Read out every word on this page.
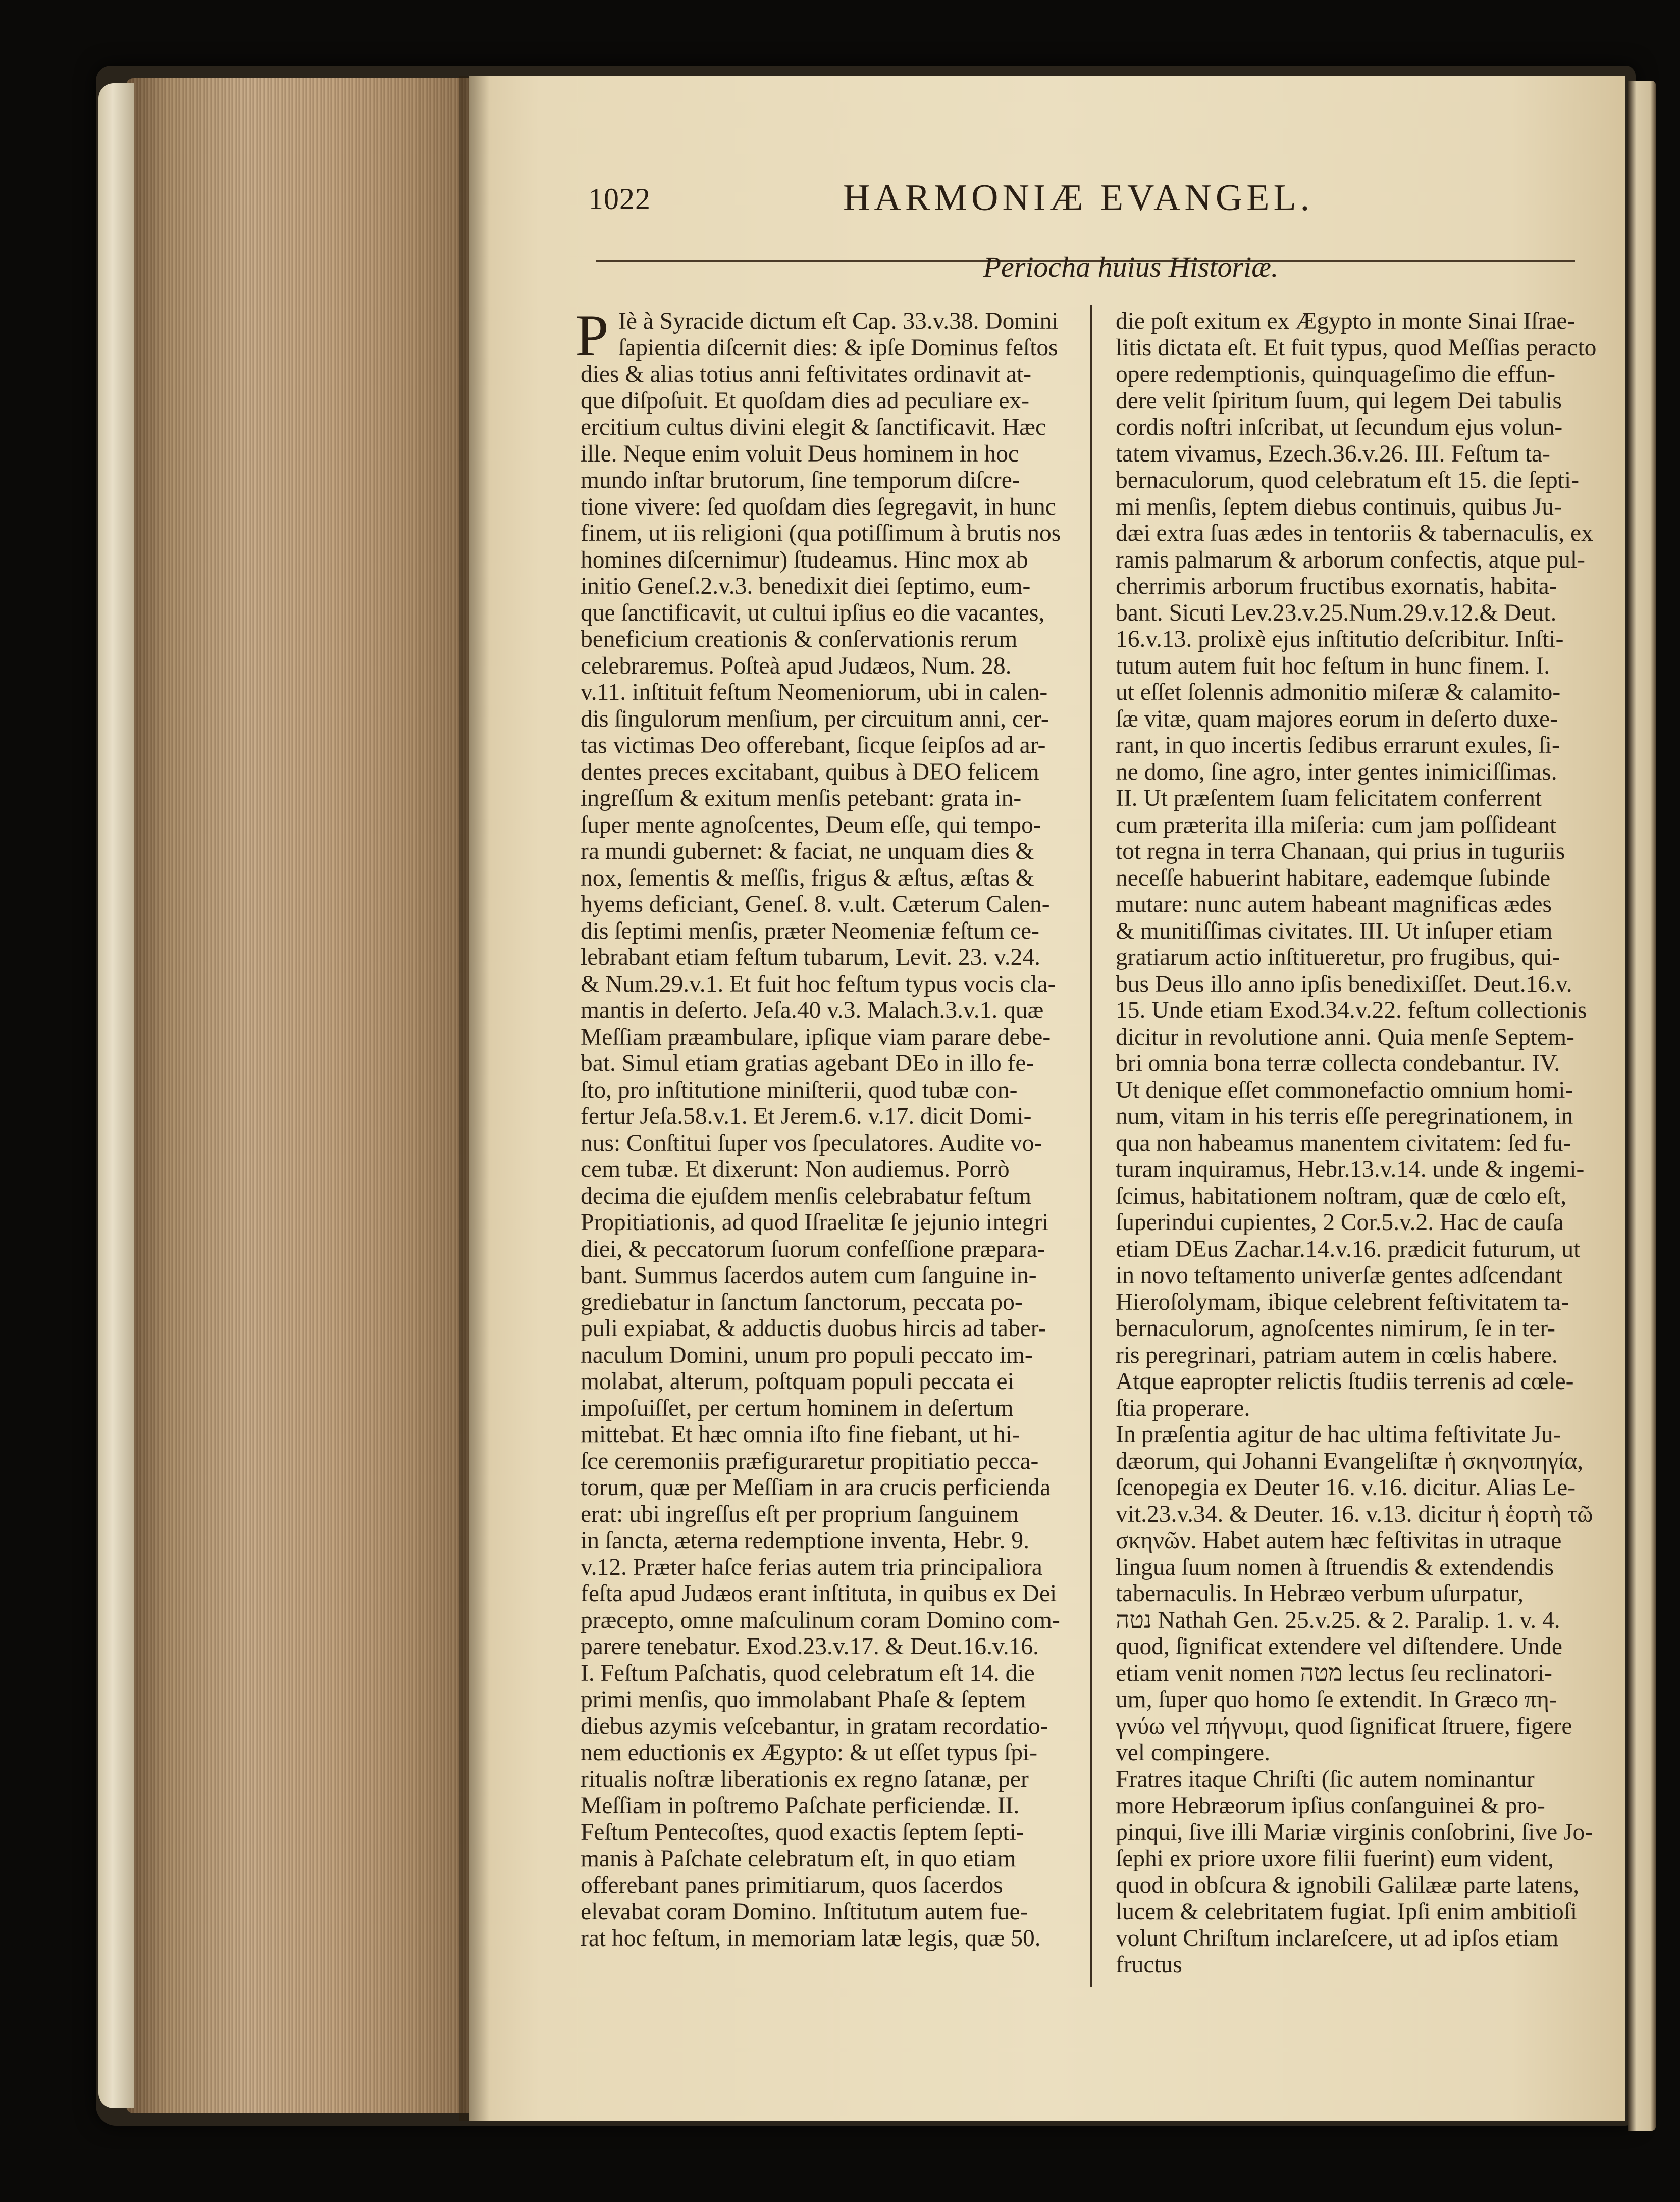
1022	HARMONIÆ EVANGEL.
Periocha huius Historiæ.
P Iè à Syracide dictum eſt Cap. 33.v.38. Domini
ſapientia diſcernit dies: & ipſe Dominus feſtos
dies & alias totius anni feſtivitates ordinavit at-
que diſpoſuit. Et quoſdam dies ad peculiare ex-
ercitium cultus divini elegit & ſanctificavit. Hæc
ille. Neque enim voluit Deus hominem in hoc
mundo inſtar brutorum, ſine temporum diſcre-
tione vivere: ſed quoſdam dies ſegregavit, in hunc
finem, ut iis religioni (qua potiſſimum à brutis nos
homines diſcernimur) ſtudeamus. Hinc mox ab
initio Geneſ.2.v.3. benedixit diei ſeptimo, eum-
que ſanctificavit, ut cultui ipſius eo die vacantes,
beneficium creationis & conſervationis rerum
celebraremus. Poſteà apud Judæos, Num. 28.
v.11. inſtituit feſtum Neomeniorum, ubi in calen-
dis ſingulorum menſium, per circuitum anni, cer-
tas victimas Deo offerebant, ſicque ſeipſos ad ar-
dentes preces excitabant, quibus à DEO felicem
ingreſſum & exitum menſis petebant: grata in-
ſuper mente agnoſcentes, Deum eſſe, qui tempo-
ra mundi gubernet: & faciat, ne unquam dies &
nox, ſementis & meſſis, frigus & æſtus, æſtas &
hyems deficiant, Geneſ. 8. v.ult. Cæterum Calen-
dis ſeptimi menſis, præter Neomeniæ feſtum ce-
lebrabant etiam feſtum tubarum, Levit. 23. v.24.
& Num.29.v.1. Et fuit hoc feſtum typus vocis cla-
mantis in deſerto. Jeſa.40 v.3. Malach.3.v.1. quæ
Meſſiam præambulare, ipſique viam parare debe-
bat. Simul etiam gratias agebant DEo in illo fe-
ſto, pro inſtitutione miniſterii, quod tubæ con-
fertur Jeſa.58.v.1. Et Jerem.6. v.17. dicit Domi-
nus: Conſtitui ſuper vos ſpeculatores. Audite vo-
cem tubæ. Et dixerunt: Non audiemus. Porrò
decima die ejuſdem menſis celebrabatur feſtum
Propitiationis, ad quod Iſraelitæ ſe jejunio integri
diei, & peccatorum ſuorum confeſſione præpara-
bant. Summus ſacerdos autem cum ſanguine in-
grediebatur in ſanctum ſanctorum, peccata po-
puli expiabat, & adductis duobus hircis ad taber-
naculum Domini, unum pro populi peccato im-
molabat, alterum, poſtquam populi peccata ei
impoſuiſſet, per certum hominem in deſertum
mittebat. Et hæc omnia iſto fine fiebant, ut hi-
ſce ceremoniis præfiguraretur propitiatio pecca-
torum, quæ per Meſſiam in ara crucis perficienda
erat: ubi ingreſſus eſt per proprium ſanguinem
in ſancta, æterna redemptione inventa, Hebr. 9.
v.12. Præter haſce ferias autem tria principaliora
feſta apud Judæos erant inſtituta, in quibus ex Dei
præcepto, omne maſculinum coram Domino com-
parere tenebatur. Exod.23.v.17. & Deut.16.v.16.
I. Feſtum Paſchatis, quod celebratum eſt 14. die
primi menſis, quo immolabant Phaſe & ſeptem
diebus azymis veſcebantur, in gratam recordatio-
nem eductionis ex Ægypto: & ut eſſet typus ſpi-
ritualis noſtræ liberationis ex regno ſatanæ, per
Meſſiam in poſtremo Paſchate perficiendæ. II.
Feſtum Pentecoſtes, quod exactis ſeptem ſepti-
manis à Paſchate celebratum eſt, in quo etiam
offerebant panes primitiarum, quos ſacerdos
elevabat coram Domino. Inſtitutum autem fue-
rat hoc feſtum, in memoriam latæ legis, quæ 50.
die poſt exitum ex Ægypto in monte Sinai Iſrae-
litis dictata eſt. Et fuit typus, quod Meſſias peracto
opere redemptionis, quinquageſimo die effun-
dere velit ſpiritum ſuum, qui legem Dei tabulis
cordis noſtri inſcribat, ut ſecundum ejus volun-
tatem vivamus, Ezech.36.v.26. III. Feſtum ta-
bernaculorum, quod celebratum eſt 15. die ſepti-
mi menſis, ſeptem diebus continuis, quibus Ju-
dæi extra ſuas ædes in tentoriis & tabernaculis, ex
ramis palmarum & arborum confectis, atque pul-
cherrimis arborum fructibus exornatis, habita-
bant. Sicuti Lev.23.v.25.Num.29.v.12.& Deut.
16.v.13. prolixè ejus inſtitutio deſcribitur. Inſti-
tutum autem fuit hoc feſtum in hunc finem. I.
ut eſſet ſolennis admonitio miſeræ & calamito-
ſæ vitæ, quam majores eorum in deſerto duxe-
rant, in quo incertis ſedibus errarunt exules, ſi-
ne domo, ſine agro, inter gentes inimiciſſimas.
II. Ut præſentem ſuam felicitatem conferrent
cum præterita illa miſeria: cum jam poſſideant
tot regna in terra Chanaan, qui prius in tuguriis
neceſſe habuerint habitare, eademque ſubinde
mutare: nunc autem habeant magnificas ædes
& munitiſſimas civitates. III. Ut inſuper etiam
gratiarum actio inſtitueretur, pro frugibus, qui-
bus Deus illo anno ipſis benedixiſſet. Deut.16.v.
15. Unde etiam Exod.34.v.22. feſtum collectionis
dicitur in revolutione anni. Quia menſe Septem-
bri omnia bona terræ collecta condebantur. IV.
Ut denique eſſet commonefactio omnium homi-
num, vitam in his terris eſſe peregrinationem, in
qua non habeamus manentem civitatem: ſed fu-
turam inquiramus, Hebr.13.v.14. unde & ingemi-
ſcimus, habitationem noſtram, quæ de cœlo eſt,
ſuperindui cupientes, 2 Cor.5.v.2. Hac de cauſa
etiam DEus Zachar.14.v.16. prædicit futurum, ut
in novo teſtamento univerſæ gentes adſcendant
Hieroſolymam, ibique celebrent feſtivitatem ta-
bernaculorum, agnoſcentes nimirum, ſe in ter-
ris peregrinari, patriam autem in cœlis habere.
Atque eapropter relictis ſtudiis terrenis ad cœle-
ſtia properare.
In præſentia agitur de hac ultima feſtivitate Ju-
dæorum, qui Johanni Evangeliſtæ ἡ σκηνοπηγία,
ſcenopegia ex Deuter 16. v.16. dicitur. Alias Le-
vit.23.v.34. & Deuter. 16. v.13. dicitur ἡ ἑορτὴ τῶ
σκηνῶν. Habet autem hæc feſtivitas in utraque
lingua ſuum nomen à ſtruendis & extendendis
tabernaculis. In Hebræo verbum uſurpatur,
נטה Nathah Gen. 25.v.25. & 2. Paralip. 1. v. 4.
quod, ſignificat extendere vel diſtendere. Unde
etiam venit nomen מטה lectus ſeu reclinatori-
um, ſuper quo homo ſe extendit. In Græco πη-
γνύω vel πήγνυμι, quod ſignificat ſtruere, figere
vel compingere.
Fratres itaque Chriſti (ſic autem nominantur
more Hebræorum ipſius conſanguinei & pro-
pinqui, ſive illi Mariæ virginis conſobrini, ſive Jo-
ſephi ex priore uxore filii fuerint) eum vident,
quod in obſcura & ignobili Galilææ parte latens,
lucem & celebritatem fugiat. Ipſi enim ambitioſi
volunt Chriſtum inclareſcere, ut ad ipſos etiam
fructus
